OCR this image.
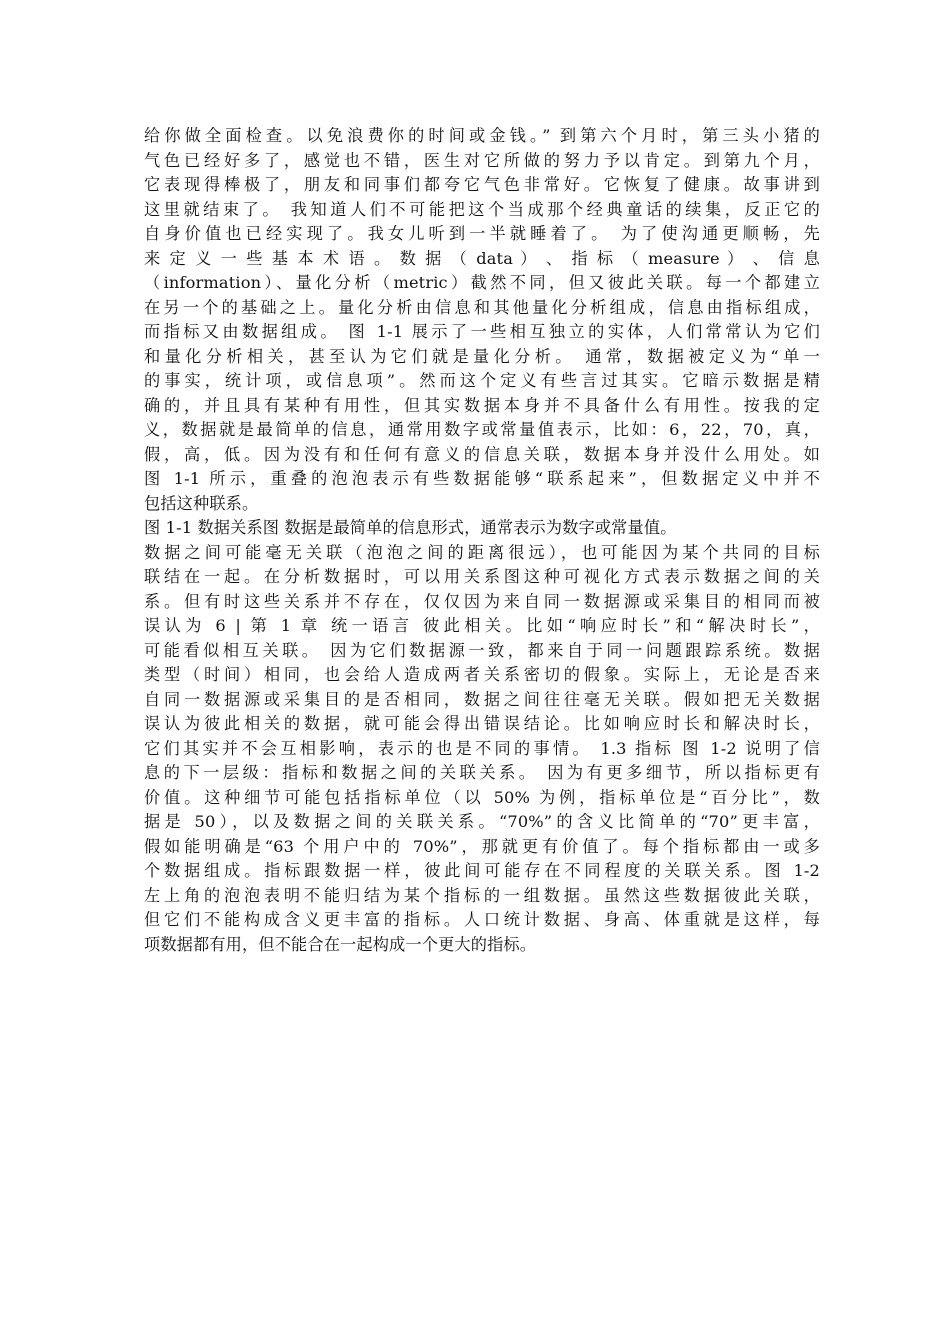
给你做全面检查。以免浪费你的时间或金钱。” 到第六个月时，第三头小猪的
气色已经好多了，感觉也不错，医生对它所做的努力予以肯定。到第九个月，
它表现得棒极了，朋友和同事们都夸它气色非常好。它恢复了健康。故事讲到
这里就结束了。 我知道人们不可能把这个当成那个经典童话的续集，反正它的
自身价值也已经实现了。我女儿听到一半就睡着了。 为了使沟通更顺畅，先
来 定 义 一 些 基 本 术 语 。 数 据 （ data ） 、 指 标 （ measure ） 、 信 息
（information）、量化分析（metric）截然不同，但又彼此关联。每一个都建立
在另一个的基础之上。量化分析由信息和其他量化分析组成，信息由指标组成，
而指标又由数据组成。 图 1-1 展示了一些相互独立的实体，人们常常认为它们
和量化分析相关，甚至认为它们就是量化分析。 通常，数据被定义为“单一
的事实，统计项，或信息项”。然而这个定义有些言过其实。它暗示数据是精
确的，并且具有某种有用性，但其实数据本身并不具备什么有用性。按我的定
义，数据就是最简单的信息，通常用数字或常量值表示，比如：6，22，70，真，
假，高，低。因为没有和任何有意义的信息关联，数据本身并没什么用处。如
图 1-1 所示，重叠的泡泡表示有些数据能够“联系起来”，但数据定义中并不
包括这种联系。
图 1-1 数据关系图 数据是最简单的信息形式，通常表示为数字或常量值。
数据之间可能毫无关联（泡泡之间的距离很远），也可能因为某个共同的目标
联结在一起。在分析数据时，可以用关系图这种可视化方式表示数据之间的关
系。但有时这些关系并不存在，仅仅因为来自同一数据源或采集目的相同而被
误认为 6 | 第 1 章 统一语言 彼此相关。比如“响应时长”和“解决时长”，
可能看似相互关联。 因为它们数据源一致，都来自于同一问题跟踪系统。数据
类型（时间）相同，也会给人造成两者关系密切的假象。实际上，无论是否来
自同一数据源或采集目的是否相同，数据之间往往毫无关联。假如把无关数据
误认为彼此相关的数据，就可能会得出错误结论。比如响应时长和解决时长，
它们其实并不会互相影响，表示的也是不同的事情。 1.3 指标 图 1-2 说明了信
息的下一层级：指标和数据之间的关联关系。 因为有更多细节，所以指标更有
价值。这种细节可能包括指标单位（以 50% 为例，指标单位是“百分比”，数
据是 50），以及数据之间的关联关系。“70%”的含义比简单的“70”更丰富，
假如能明确是“63 个用户中的 70%”，那就更有价值了。每个指标都由一或多
个数据组成。指标跟数据一样，彼此间可能存在不同程度的关联关系。图 1-2
左上角的泡泡表明不能归结为某个指标的一组数据。虽然这些数据彼此关联，
但它们不能构成含义更丰富的指标。人口统计数据、身高、体重就是这样，每
项数据都有用，但不能合在一起构成一个更大的指标。
